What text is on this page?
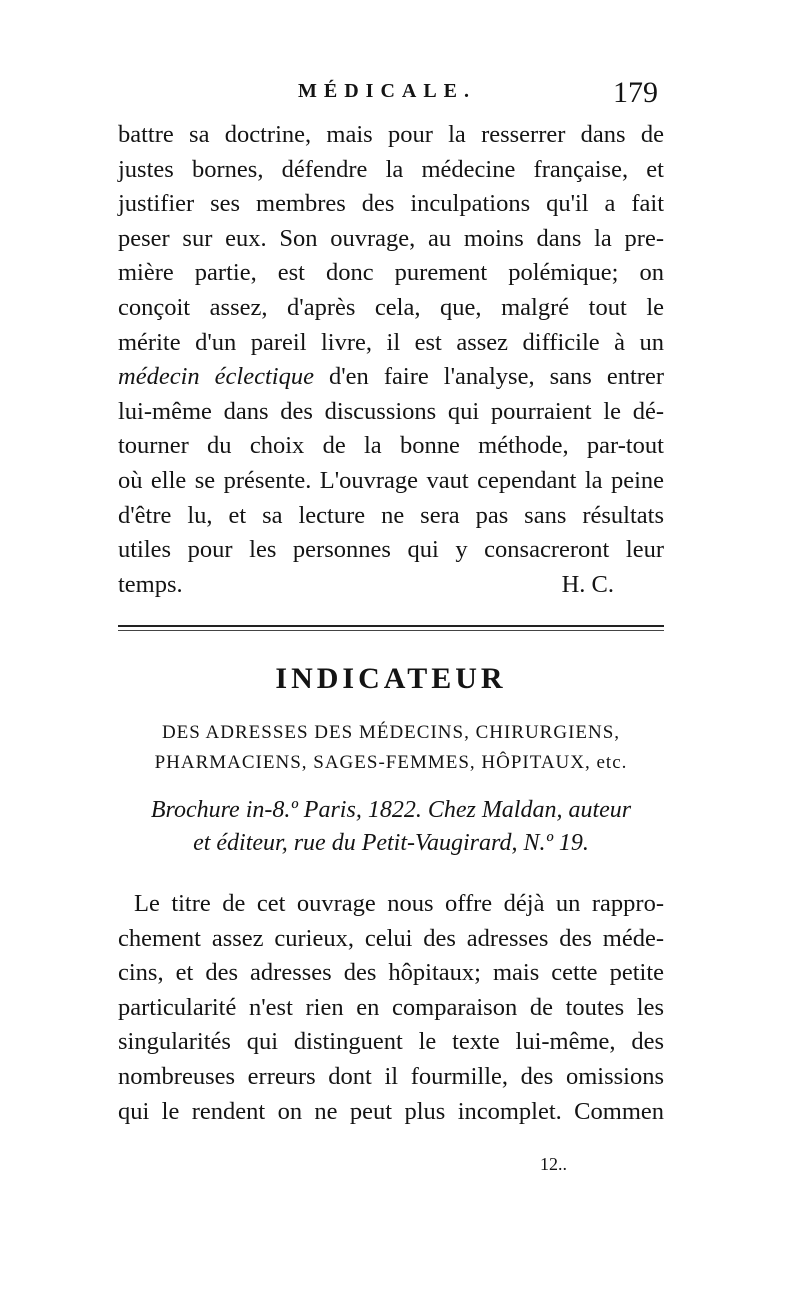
MÉDICALE.	179
battre sa doctrine, mais pour la resserrer dans de
justes bornes, défendre la médecine française, et
justifier ses membres des inculpations qu'il a fait
peser sur eux. Son ouvrage, au moins dans la pre-
mière partie, est donc purement polémique; on
conçoit assez, d'après cela, que, malgré tout le
mérite d'un pareil livre, il est assez difficile à un
médecin éclectique d'en faire l'analyse, sans entrer
lui-même dans des discussions qui pourraient le dé-
tourner du choix de la bonne méthode, par-tout
où elle se présente. L'ouvrage vaut cependant la peine
d'être lu, et sa lecture ne sera pas sans résultats
utiles pour les personnes qui y consacreront leur
temps.	H. C.
INDICATEUR
DES ADRESSES DES MÉDECINS, CHIRURGIENS,
PHARMACIENS, SAGES-FEMMES, HÔPITAUX, etc.
Brochure in-8.º Paris, 1822. Chez Maldan, auteur
et éditeur, rue du Petit-Vaugirard, N.º 19.
Le titre de cet ouvrage nous offre déjà un rappro-
chement assez curieux, celui des adresses des méde-
cins, et des adresses des hôpitaux; mais cette petite
particularité n'est rien en comparaison de toutes les
singularités qui distinguent le texte lui-même, des
nombreuses erreurs dont il fourmille, des omissions
qui le rendent on ne peut plus incomplet. Commen
12..
